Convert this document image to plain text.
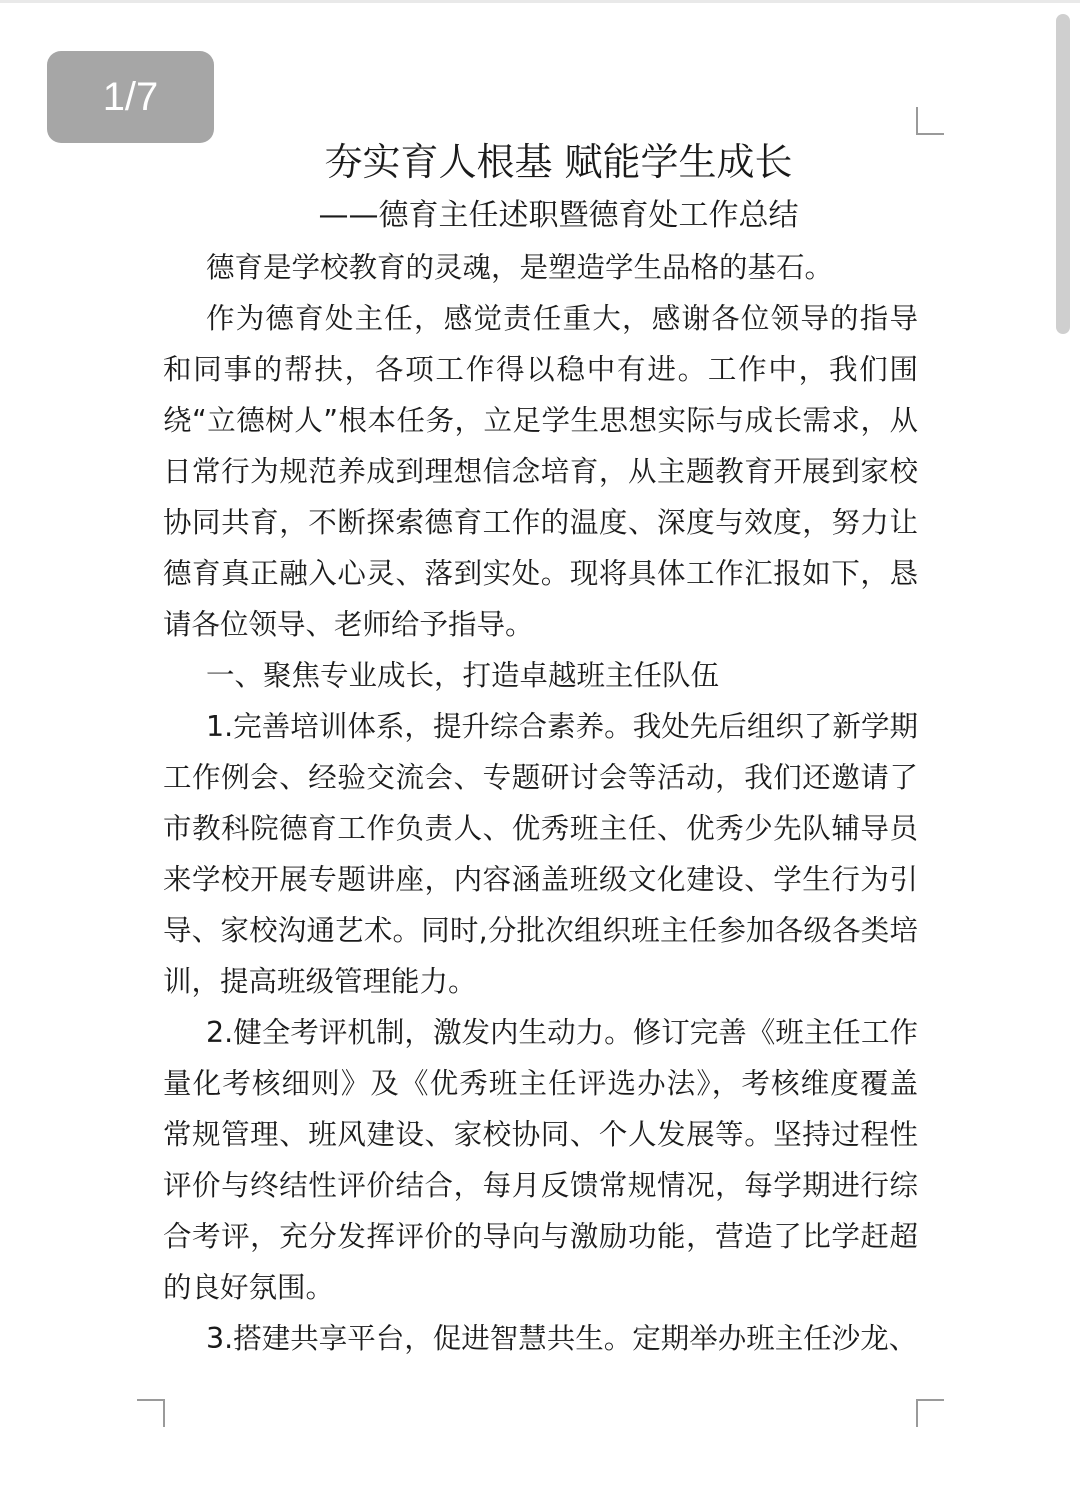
1/7
夯实育人根基 赋能学生成长
——德育主任述职暨德育处工作总结

德育是学校教育的灵魂，是塑造学生品格的基石。

作为德育处主任，感觉责任重大，感谢各位领导的指导和同事的帮扶，各项工作得以稳中有进。工作中，我们围绕“立德树人”根本任务，立足学生思想实际与成长需求，从日常行为规范养成到理想信念培育，从主题教育开展到家校协同共育，不断探索德育工作的温度、深度与效度，努力让德育真正融入心灵、落到实处。现将具体工作汇报如下，恳请各位领导、老师给予指导。

一、聚焦专业成长，打造卓越班主任队伍

1.完善培训体系，提升综合素养。我处先后组织了新学期工作例会、经验交流会、专题研讨会等活动，我们还邀请了市教科院德育工作负责人、优秀班主任、优秀少先队辅导员来学校开展专题讲座，内容涵盖班级文化建设、学生行为引导、家校沟通艺术。同时,分批次组织班主任参加各级各类培训，提高班级管理能力。

2.健全考评机制，激发内生动力。修订完善《班主任工作量化考核细则》及《优秀班主任评选办法》，考核维度覆盖常规管理、班风建设、家校协同、个人发展等。坚持过程性评价与终结性评价结合，每月反馈常规情况，每学期进行综合考评，充分发挥评价的导向与激励功能，营造了比学赶超的良好氛围。

3.搭建共享平台，促进智慧共生。定期举办班主任沙龙、
